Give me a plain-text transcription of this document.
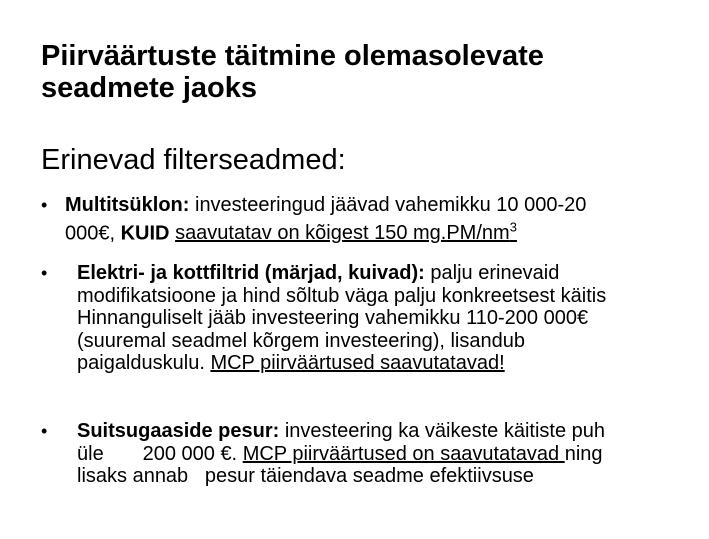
Piirväärtuste täitmine olemasolevate
seadmete jaoks
Erinevad filterseadmed:
• Multitsüklon: investeeringud jäävad vahemikku 10 000-20
000€, KUID saavutatav on kõigest 150 $mg.PM/nm^3$
• Elektri- ja kottfiltrid (märjad, kuivad): palju erinevaid
modifikatsioone ja hind sõltub väga palju konkreetsest käitis
Hinnanguliselt jääb investeering vahemikku 110-200 000€
(suuremal seadmel kõrgem investeering), lisandub
paigalduskulu. MCP piirväärtused saavutatavad!
• Suitsugaaside pesur: investeering ka väikeste käitiste puh
üle       200 000 €. MCP piirväärtused on saavutatavad ning
lisaks annab   pesur täiendava seadme efektiivsuse
